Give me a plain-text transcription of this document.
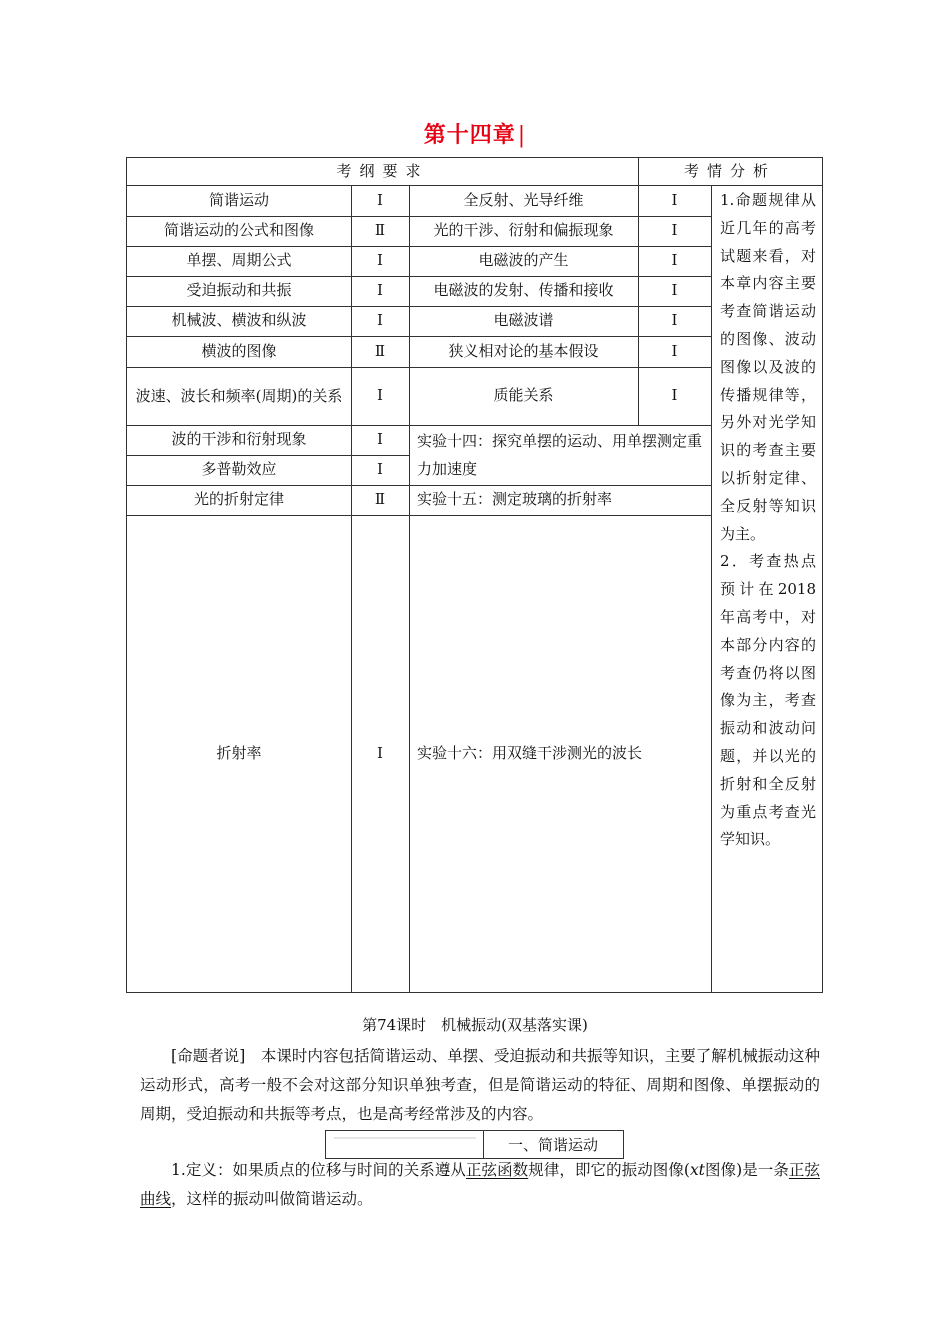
第十四章|
考纲要求	考情分析
简谐运动	Ⅰ	全反射、光导纤维	Ⅰ
简谐运动的公式和图像	Ⅱ	光的干涉、衍射和偏振现象	Ⅰ
单摆、周期公式	Ⅰ	电磁波的产生	Ⅰ
受迫振动和共振	Ⅰ	电磁波的发射、传播和接收	Ⅰ
机械波、横波和纵波	Ⅰ	电磁波谱	Ⅰ
横波的图像	Ⅱ	狭义相对论的基本假设	Ⅰ
波速、波长和频率(周期)的关系	Ⅰ	质能关系	Ⅰ
波的干涉和衍射现象	Ⅰ
多普勒效应	Ⅰ
实验十四：探究单摆的运动、用单摆测定重力加速度
光的折射定律	Ⅱ	实验十五：测定玻璃的折射率
折射率	Ⅰ	实验十六：用双缝干涉测光的波长

1.命题规律从近几年的高考试题来看，对本章内容主要考查简谐运动的图像、波动图像以及波的传播规律等，另外对光学知识的考查主要以折射定律、全反射等知识为主。

2．考查热点预计在2018年高考中，对本部分内容的考查仍将以图像为主，考查振动和波动问题，并以光的折射和全反射为重点考查光学知识。

第74课时　机械振动(双基落实课)
[命题者说]　本课时内容包括简谐运动、单摆、受迫振动和共振等知识，主要了解机械振动这种运动形式，高考一般不会对这部分知识单独考查，但是简谐运动的特征、周期和图像、单摆振动的周期，受迫振动和共振等考点，也是高考经常涉及的内容。
一、简谐运动
1.定义：如果质点的位移与时间的关系遵从正弦函数规律，即它的振动图像(xt图像)是一条正弦曲线，这样的振动叫做简谐运动。
